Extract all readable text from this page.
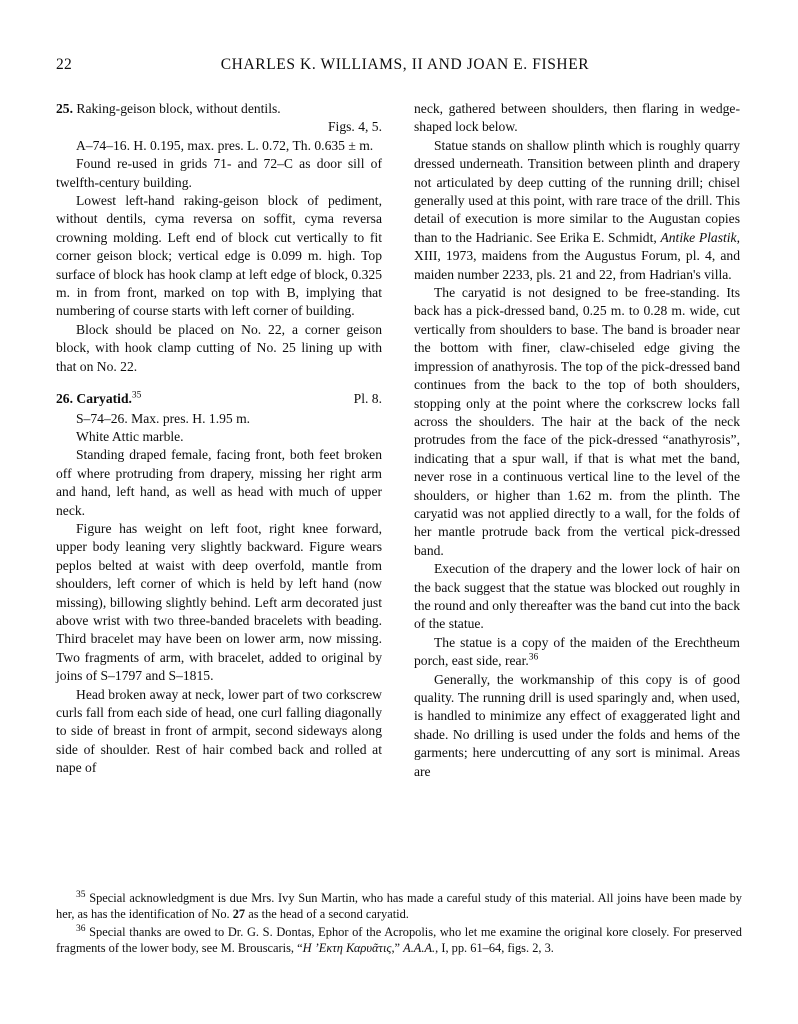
22	CHARLES K. WILLIAMS, II AND JOAN E. FISHER

25. Raking-geison block, without dentils.

Figs. 4, 5.

A–74–16. H. 0.195, max. pres. L. 0.72, Th. 0.635 ± m.

Found re-used in grids 71- and 72–C as door sill of twelfth-century building.

Lowest left-hand raking-geison block of pediment, without dentils, cyma reversa on soffit, cyma reversa crowning molding. Left end of block cut vertically to fit corner geison block; vertical edge is 0.099 m. high. Top surface of block has hook clamp at left edge of block, 0.325 m. in from front, marked on top with B, implying that numbering of course starts with left corner of building.

Block should be placed on No. 22, a corner geison block, with hook clamp cutting of No. 25 lining up with that on No. 22.

26. Caryatid.$^{35}$	Pl. 8.

S–74–26. Max. pres. H. 1.95 m.

White Attic marble.

Standing draped female, facing front, both feet broken off where protruding from drapery, missing her right arm and hand, left hand, as well as head with much of upper neck.

Figure has weight on left foot, right knee forward, upper body leaning very slightly backward. Figure wears peplos belted at waist with deep overfold, mantle from shoulders, left corner of which is held by left hand (now missing), billowing slightly behind. Left arm decorated just above wrist with two three-banded bracelets with beading. Third bracelet may have been on lower arm, now missing. Two fragments of arm, with bracelet, added to original by joins of S–1797 and S–1815.

Head broken away at neck, lower part of two corkscrew curls fall from each side of head, one curl falling diagonally to side of breast in front of armpit, second sideways along side of shoulder. Rest of hair combed back and rolled at nape of

neck, gathered between shoulders, then flaring in wedge-shaped lock below.

Statue stands on shallow plinth which is roughly quarry dressed underneath. Transition between plinth and drapery not articulated by deep cutting of the running drill; chisel generally used at this point, with rare trace of the drill. This detail of execution is more similar to the Augustan copies than to the Hadrianic. See Erika E. Schmidt, Antike Plastik, XIII, 1973, maidens from the Augustus Forum, pl. 4, and maiden number 2233, pls. 21 and 22, from Hadrian's villa.

The caryatid is not designed to be free-standing. Its back has a pick-dressed band, 0.25 m. to 0.28 m. wide, cut vertically from shoulders to base. The band is broader near the bottom with finer, claw-chiseled edge giving the impression of anathyrosis. The top of the pick-dressed band continues from the back to the top of both shoulders, stopping only at the point where the corkscrew locks fall across the shoulders. The hair at the back of the neck protrudes from the face of the pick-dressed “anathyrosis”, indicating that a spur wall, if that is what met the band, never rose in a continuous vertical line to the level of the shoulders, or higher than 1.62 m. from the plinth. The caryatid was not applied directly to a wall, for the folds of her mantle protrude back from the vertical pick-dressed band.

Execution of the drapery and the lower lock of hair on the back suggest that the statue was blocked out roughly in the round and only thereafter was the band cut into the back of the statue.

The statue is a copy of the maiden of the Erechtheum porch, east side, rear.$^{36}$

Generally, the workmanship of this copy is of good quality. The running drill is used sparingly and, when used, is handled to minimize any effect of exaggerated light and shade. No drilling is used under the folds and hems of the garments; here undercutting of any sort is minimal. Areas are

$^{35}$ Special acknowledgment is due Mrs. Ivy Sun Martin, who has made a careful study of this material. All joins have been made by her, as has the identification of No. 27 as the head of a second caryatid.

$^{36}$ Special thanks are owed to Dr. G. S. Dontas, Ephor of the Acropolis, who let me examine the original kore closely. For preserved fragments of the lower body, see M. Brouscaris, “Η ’Εκτη Καρυᾶτις,” A.A.A., I, pp. 61–64, figs. 2, 3.
